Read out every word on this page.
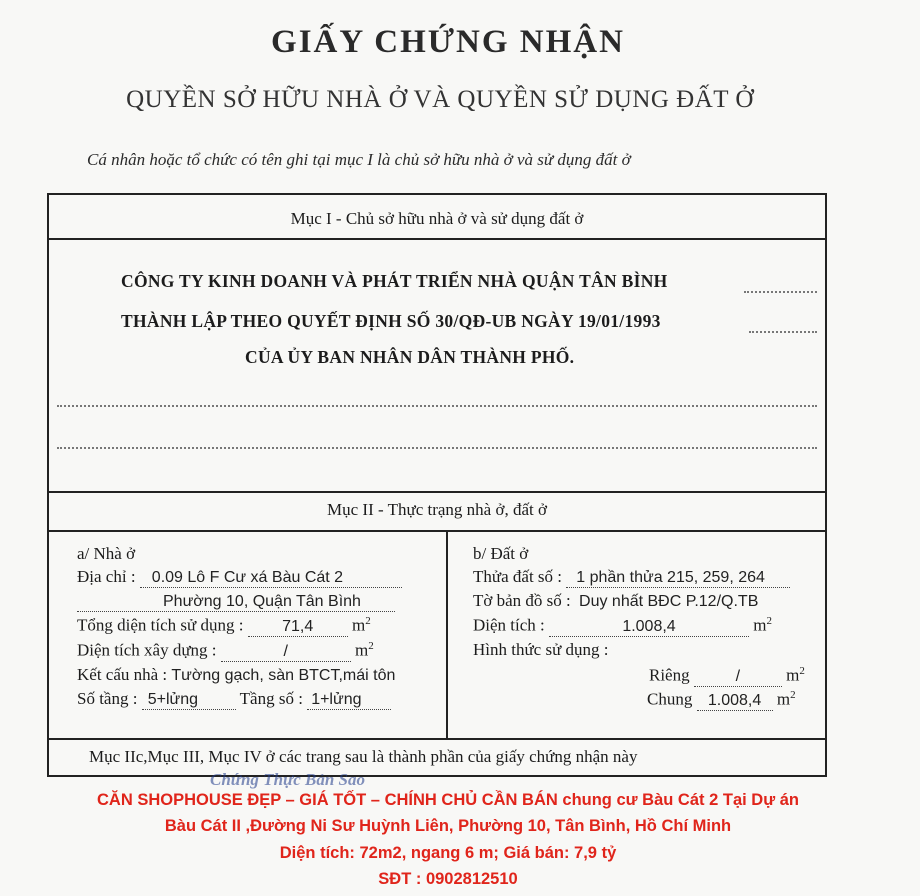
GIẤY CHỨNG NHẬN
QUYỀN SỞ HỮU NHÀ Ở VÀ QUYỀN SỬ DỤNG ĐẤT Ở
Cá nhân hoặc tổ chức có tên ghi tại mục I là chủ sở hữu nhà ở và sử dụng đất ở
Mục I - Chủ sở hữu nhà ở và sử dụng đất ở
CÔNG TY KINH DOANH VÀ PHÁT TRIỂN NHÀ QUẬN TÂN BÌNH
THÀNH LẬP THEO QUYẾT ĐỊNH SỐ 30/QĐ-UB NGÀY 19/01/1993
CỦA ỦY BAN NHÂN DÂN THÀNH PHỐ.
Mục II - Thực trạng nhà ở, đất ở
a/ Nhà ở
Địa chỉ : 0.09 Lô F Cư xá Bàu Cát 2
Phường 10, Quận Tân Bình
Tổng diện tích sử dụng : 71,4 $m^2$
Diện tích xây dựng :	/	$m^2$
Kết cấu nhà : Tường gạch, sàn BTCT,mái tôn
Số tầng : 5+lửng Tầng số : 1+lửng
b/ Đất ở
Thửa đất số : 1 phần thửa 215, 259, 264
Tờ bản đồ số : Duy nhất BĐC P.12/Q.TB
Diện tích :	1.008,4	$m^2$
Hình thức sử dụng :
Riêng	/	$m^2$
Chung 1.008,4 $m^2$
Mục IIc,Mục III, Mục IV ở các trang sau là thành phần của giấy chứng nhận này
Chứng Thực Bản Sao
CĂN SHOPHOUSE ĐẸP – GIÁ TỐT – CHÍNH CHỦ CẦN BÁN chung cư Bàu Cát 2 Tại Dự án
Bàu Cát II ,Đường Ni Sư Huỳnh Liên, Phường 10, Tân Bình, Hồ Chí Minh
Diện tích: 72m2, ngang 6 m; Giá bán: 7,9 tỷ
SĐT : 0902812510
